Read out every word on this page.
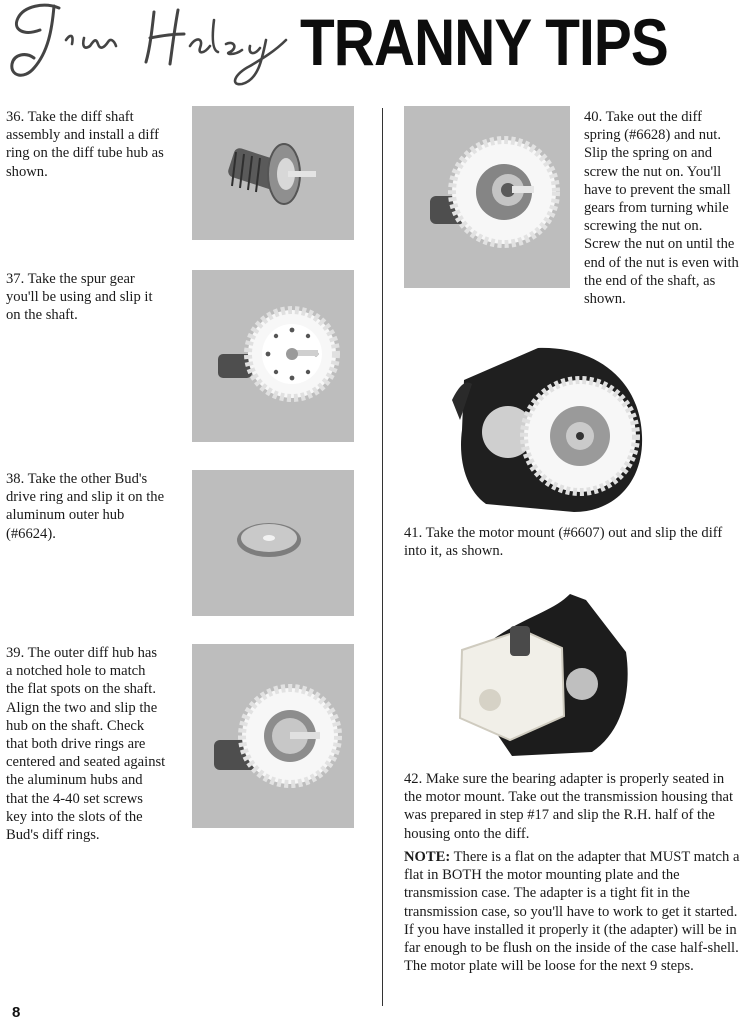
TRANNY TIPS
36. Take the diff shaft assembly and install a diff ring on the diff tube hub as shown.
37. Take the spur gear you'll be using and slip it on the shaft.
38. Take the other Bud's drive ring and slip it on the aluminum outer hub (#6624).
39. The outer diff hub has a notched hole to match the flat spots on the shaft. Align the two and slip the hub on the shaft. Check that both drive rings are centered and seated against the aluminum hubs and that the 4-40 set screws key into the slots of the Bud's diff rings.
40. Take out the diff spring (#6628) and nut. Slip the spring on and screw the nut on. You'll have to prevent the small gears from turning while screwing the nut on. Screw the nut on until the end of the nut is even with the end of the shaft, as shown.
41. Take the motor mount (#6607) out and slip the diff into it, as shown.
42. Make sure the bearing adapter is properly seated in the motor mount. Take out the transmission housing that was prepared in step #17 and slip the R.H. half of the housing onto the diff.
NOTE: There is a flat on the adapter that MUST match a flat in BOTH the motor mounting plate and the transmission case. The adapter is a tight fit in the transmission case, so you'll have to work to get it started. If you have installed it properly it (the adapter) will be in far enough to be flush on the inside of the case half-shell. The motor plate will be loose for the next 9 steps.
8
